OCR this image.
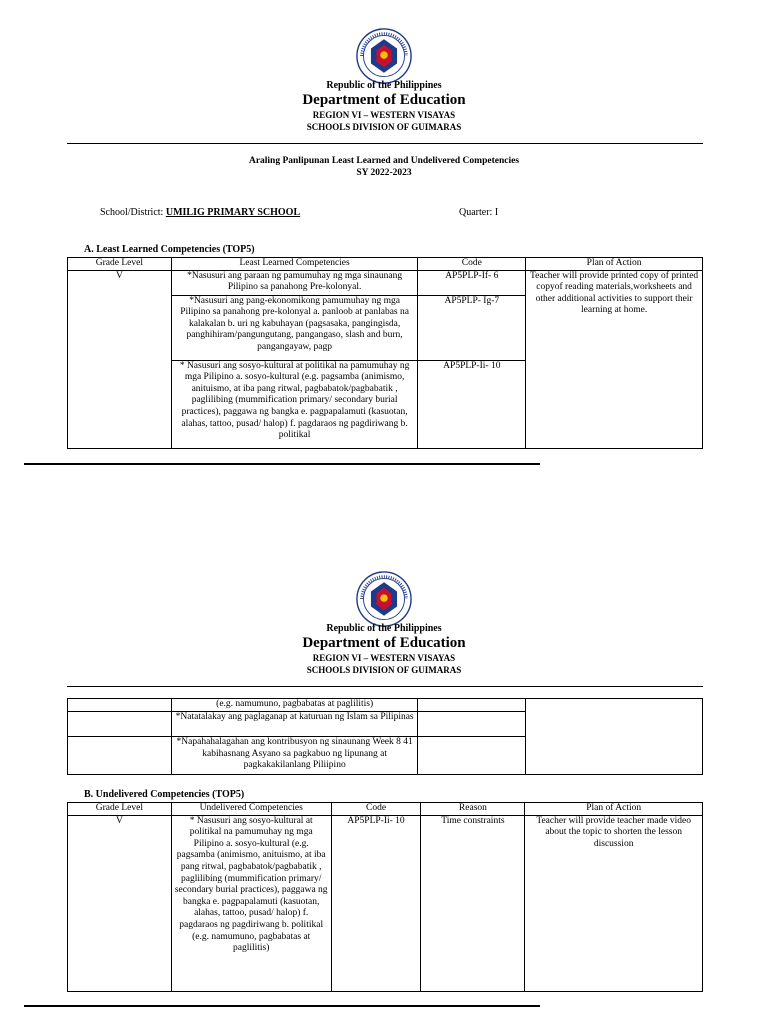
Republic of the Philippines
Department of Education
REGION VI – WESTERN VISAYAS
SCHOOLS DIVISION OF GUIMARAS
Araling Panlipunan Least Learned and Undelivered Competencies
SY 2022-2023
School/District: UMILIG PRIMARY SCHOOL	Quarter: I
A. Least Learned Competencies (TOP5)
Grade Level	Least Learned Competencies	Code	Plan of Action
V	*Nasusuri ang paraan ng pamumuhay ng mga sinaunang Pilipino sa panahong Pre-kolonyal.	AP5PLP-If- 6	Teacher will provide printed copy of printed copyof reading materials,worksheets and other additional activities to support their learning at home.
	*Nasusuri ang pang-ekonomikong pamumuhay ng mga Pilipino sa panahong pre-kolonyal a. panloob at panlabas na kalakalan b. uri ng kabuhayan (pagsasaka, pangingisda, panghihiram/pangungutang, pangangaso, slash and burn, pangangayaw, pagp	AP5PLP- Ig-7	
	* Nasusuri ang sosyo-kultural at politikal na pamumuhay ng mga Pilipino a. sosyo-kultural (e.g. pagsamba (animismo, anituismo, at iba pang ritwal, pagbabatok/pagbabatik , paglilibing (mummification primary/ secondary burial practices), paggawa ng bangka e. pagpapalamuti (kasuotan, alahas, tattoo, pusad/ halop) f. pagdaraos ng pagdiriwang b. politikal	AP5PLP-Ii- 10	
Republic of the Philippines
Department of Education
REGION VI – WESTERN VISAYAS
SCHOOLS DIVISION OF GUIMARAS
	(e.g. namumuno, pagbabatas at paglilitis)		
	*Natatalakay ang paglaganap at katuruan ng Islam sa Pilipinas		
	*Napahahalagahan ang kontribusyon ng sinaunang Week 8 41 kabihasnang Asyano sa pagkabuo ng lipunang at pagkakakilanlang Piliipino		
B. Undelivered Competencies (TOP5)
Grade Level	Undelivered Competencies	Code	Reason	Plan of Action
V	* Nasusuri ang sosyo-kultural at politikal na pamumuhay ng mga Pilipino a. sosyo-kultural (e.g. pagsamba (animismo, anituismo, at iba pang ritwal, pagbabatok/pagbabatik , paglilibing (mummification primary/ secondary burial practices), paggawa ng bangka e. pagpapalamuti (kasuotan, alahas, tattoo, pusad/ halop) f. pagdaraos ng pagdiriwang b. politikal (e.g. namumuno, pagbabatas at paglilitis)	AP5PLP-Ii- 10	Time constraints	Teacher will provide teacher made video about the topic to shorten the lesson discussion
